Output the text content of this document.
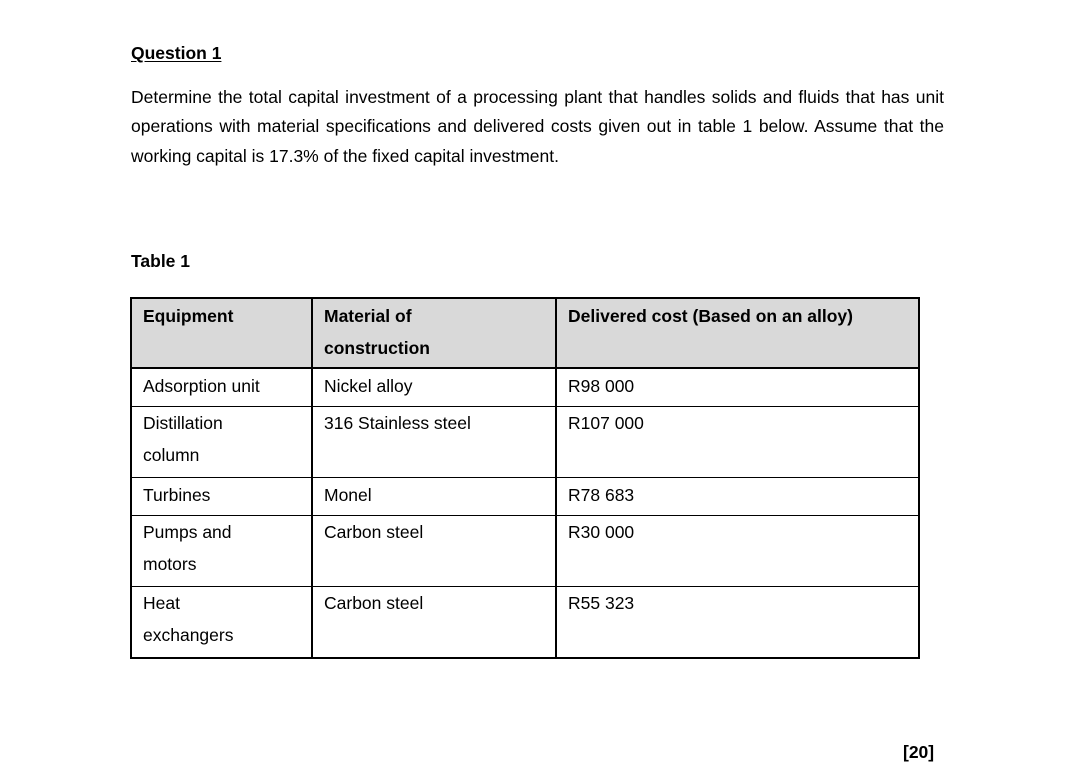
Question 1

Determine the total capital investment of a processing plant that handles solids and fluids that has unit operations with material specifications and delivered costs given out in table 1 below. Assume that the working capital is 17.3% of the fixed capital investment.

Table 1
Equipment	Material of construction	Delivered cost (Based on an alloy)
Adsorption unit	Nickel alloy	R98 000
Distillation column	316 Stainless steel	R107 000
Turbines	Monel	R78 683
Pumps and motors	Carbon steel	R30 000
Heat exchangers	Carbon steel	R55 323
[20]
